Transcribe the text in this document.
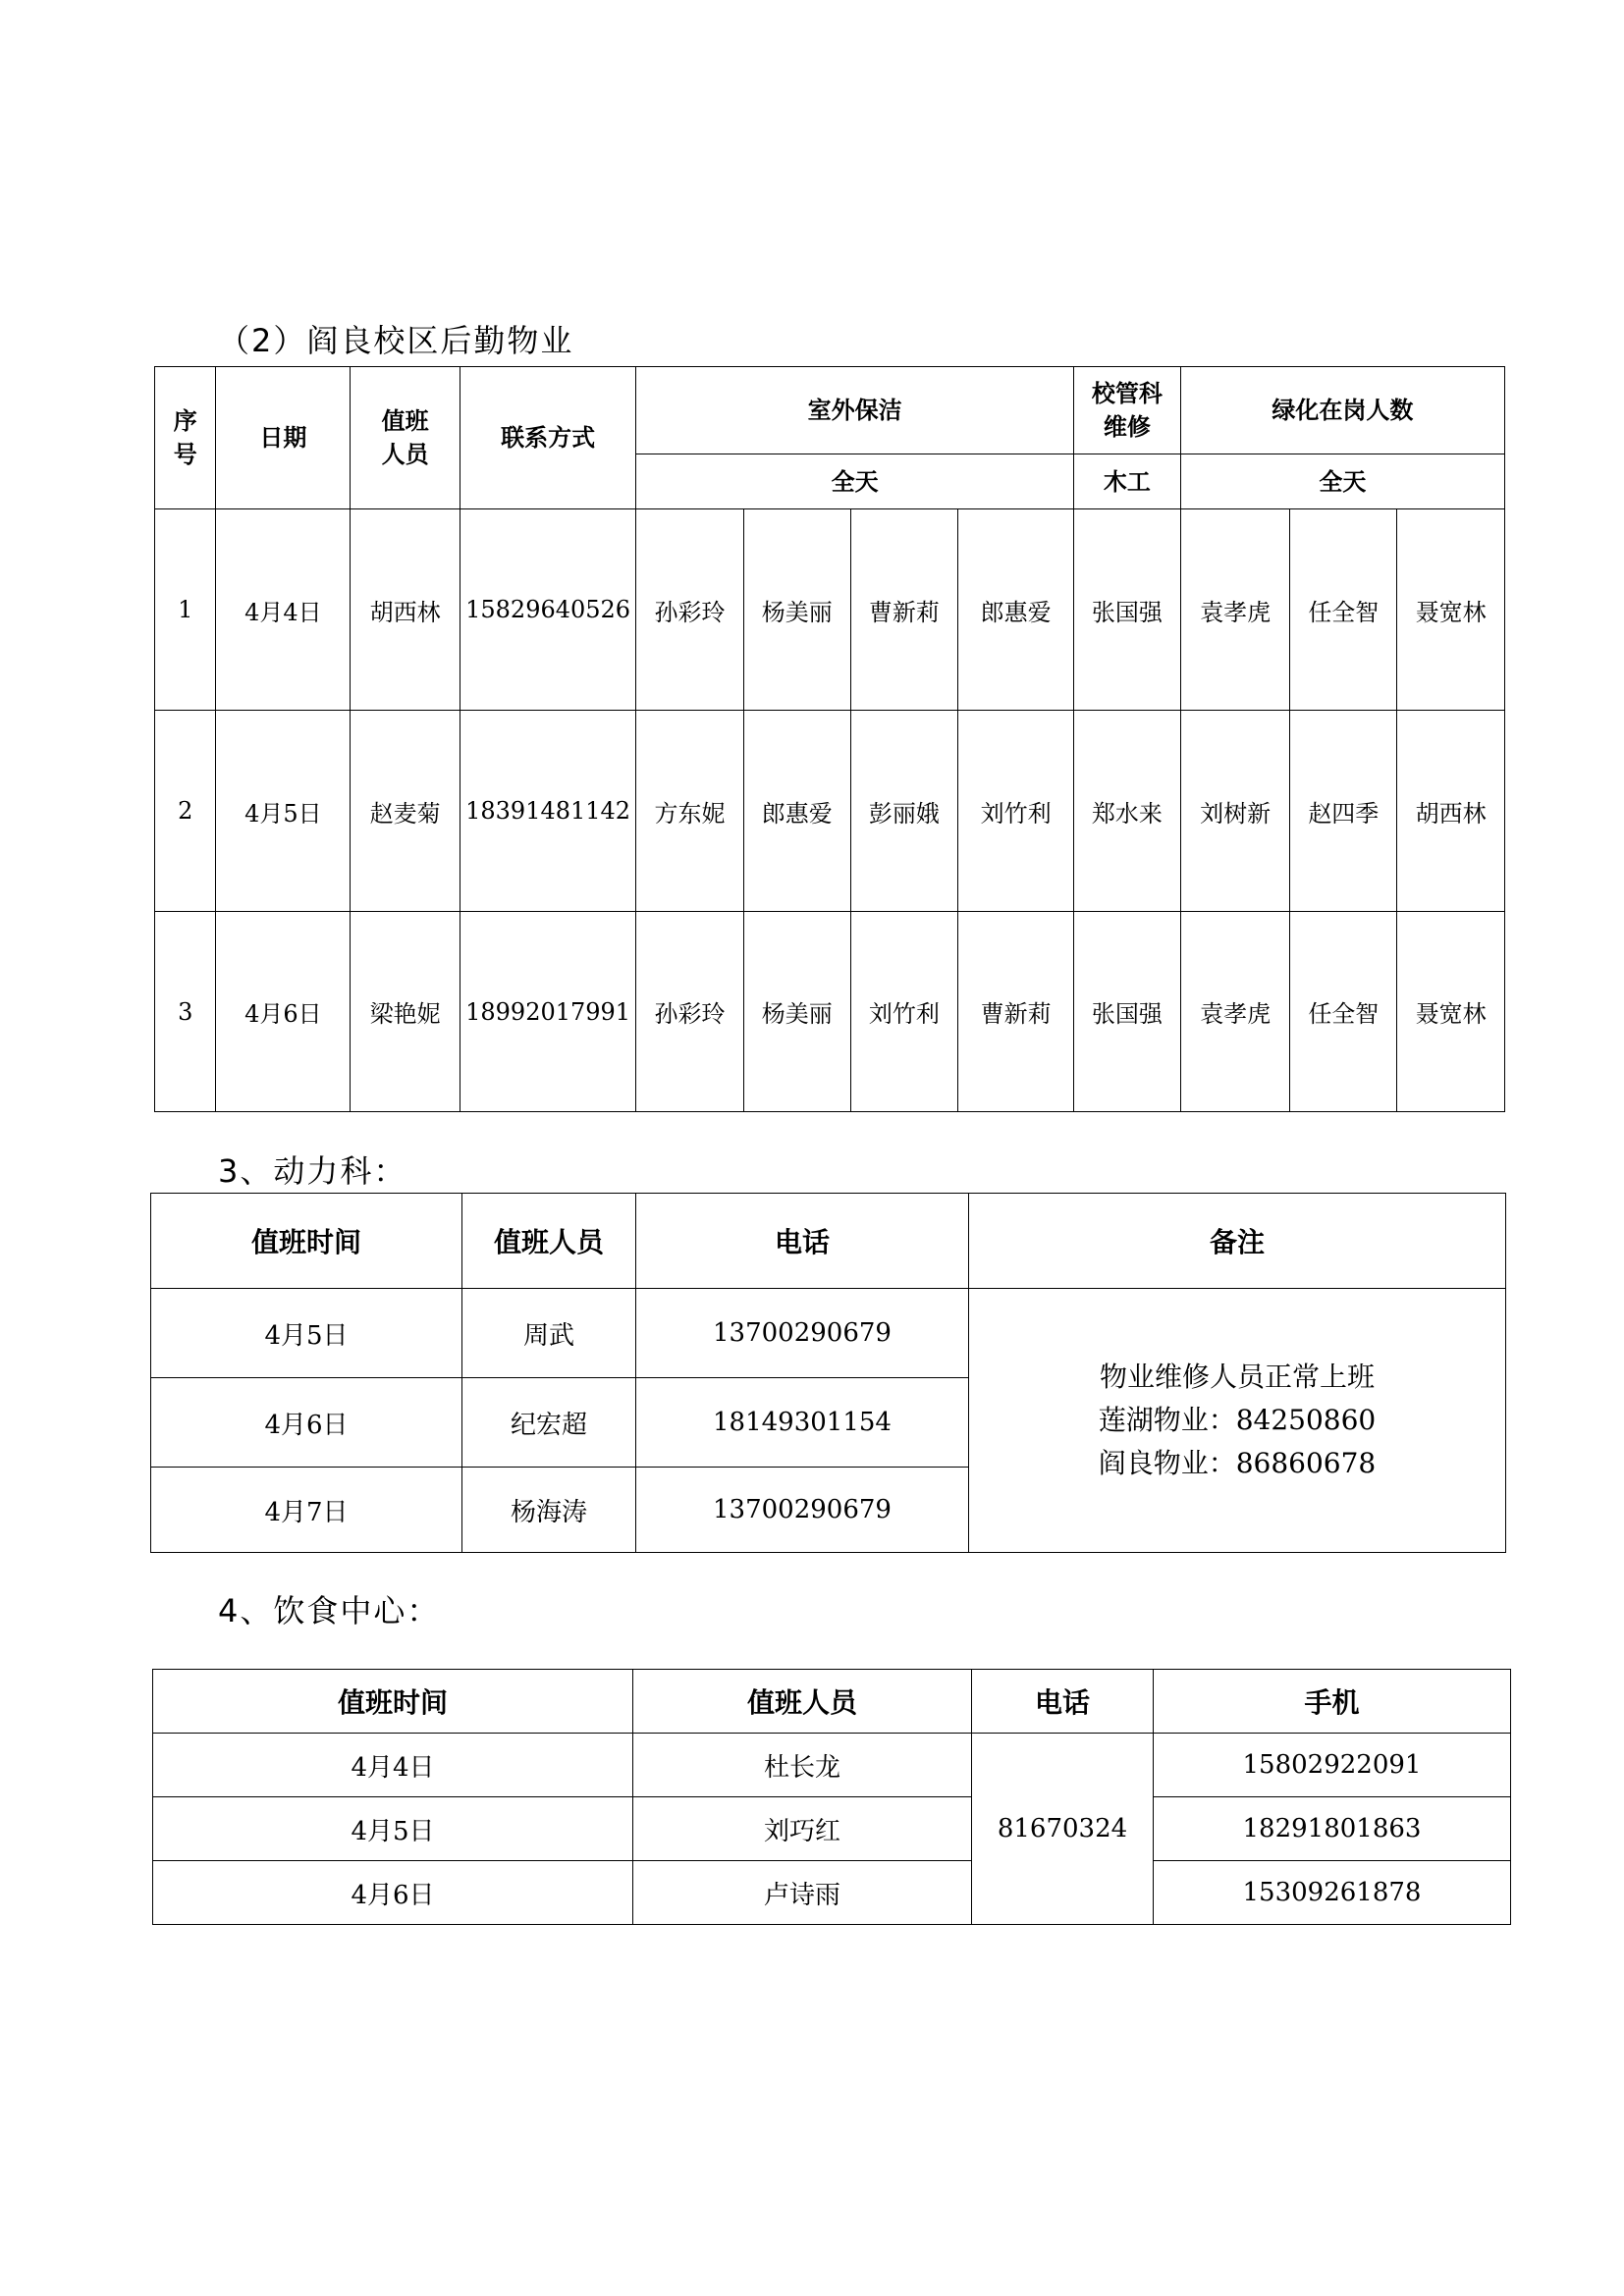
（2）阎良校区后勤物业
序号	日期	值班人员	联系方式	室外保洁				校管科维修	绿化在岗人数		
				全天				木工	全天		
1	4月4日	胡西林	15829640526	孙彩玲	杨美丽	曹新莉	郎惠爱	张国强	袁孝虎	任全智	聂宽林
2	4月5日	赵麦菊	18391481142	方东妮	郎惠爱	彭丽娥	刘竹利	郑水来	刘树新	赵四季	胡西林
3	4月6日	梁艳妮	18992017991	孙彩玲	杨美丽	刘竹利	曹新莉	张国强	袁孝虎	任全智	聂宽林
3、动力科：
值班时间	值班人员	电话	备注
4月5日	周武	13700290679	物业维修人员正常上班
莲湖物业：84250860
阎良物业：86860678

4月6日	纪宏超	18149301154	
4月7日	杨海涛	13700290679	
4、饮食中心：
值班时间	值班人员	电话	手机
4月4日	杜长龙	81670324	15802922091
4月5日	刘巧红		18291801863
4月6日	卢诗雨		15309261878
